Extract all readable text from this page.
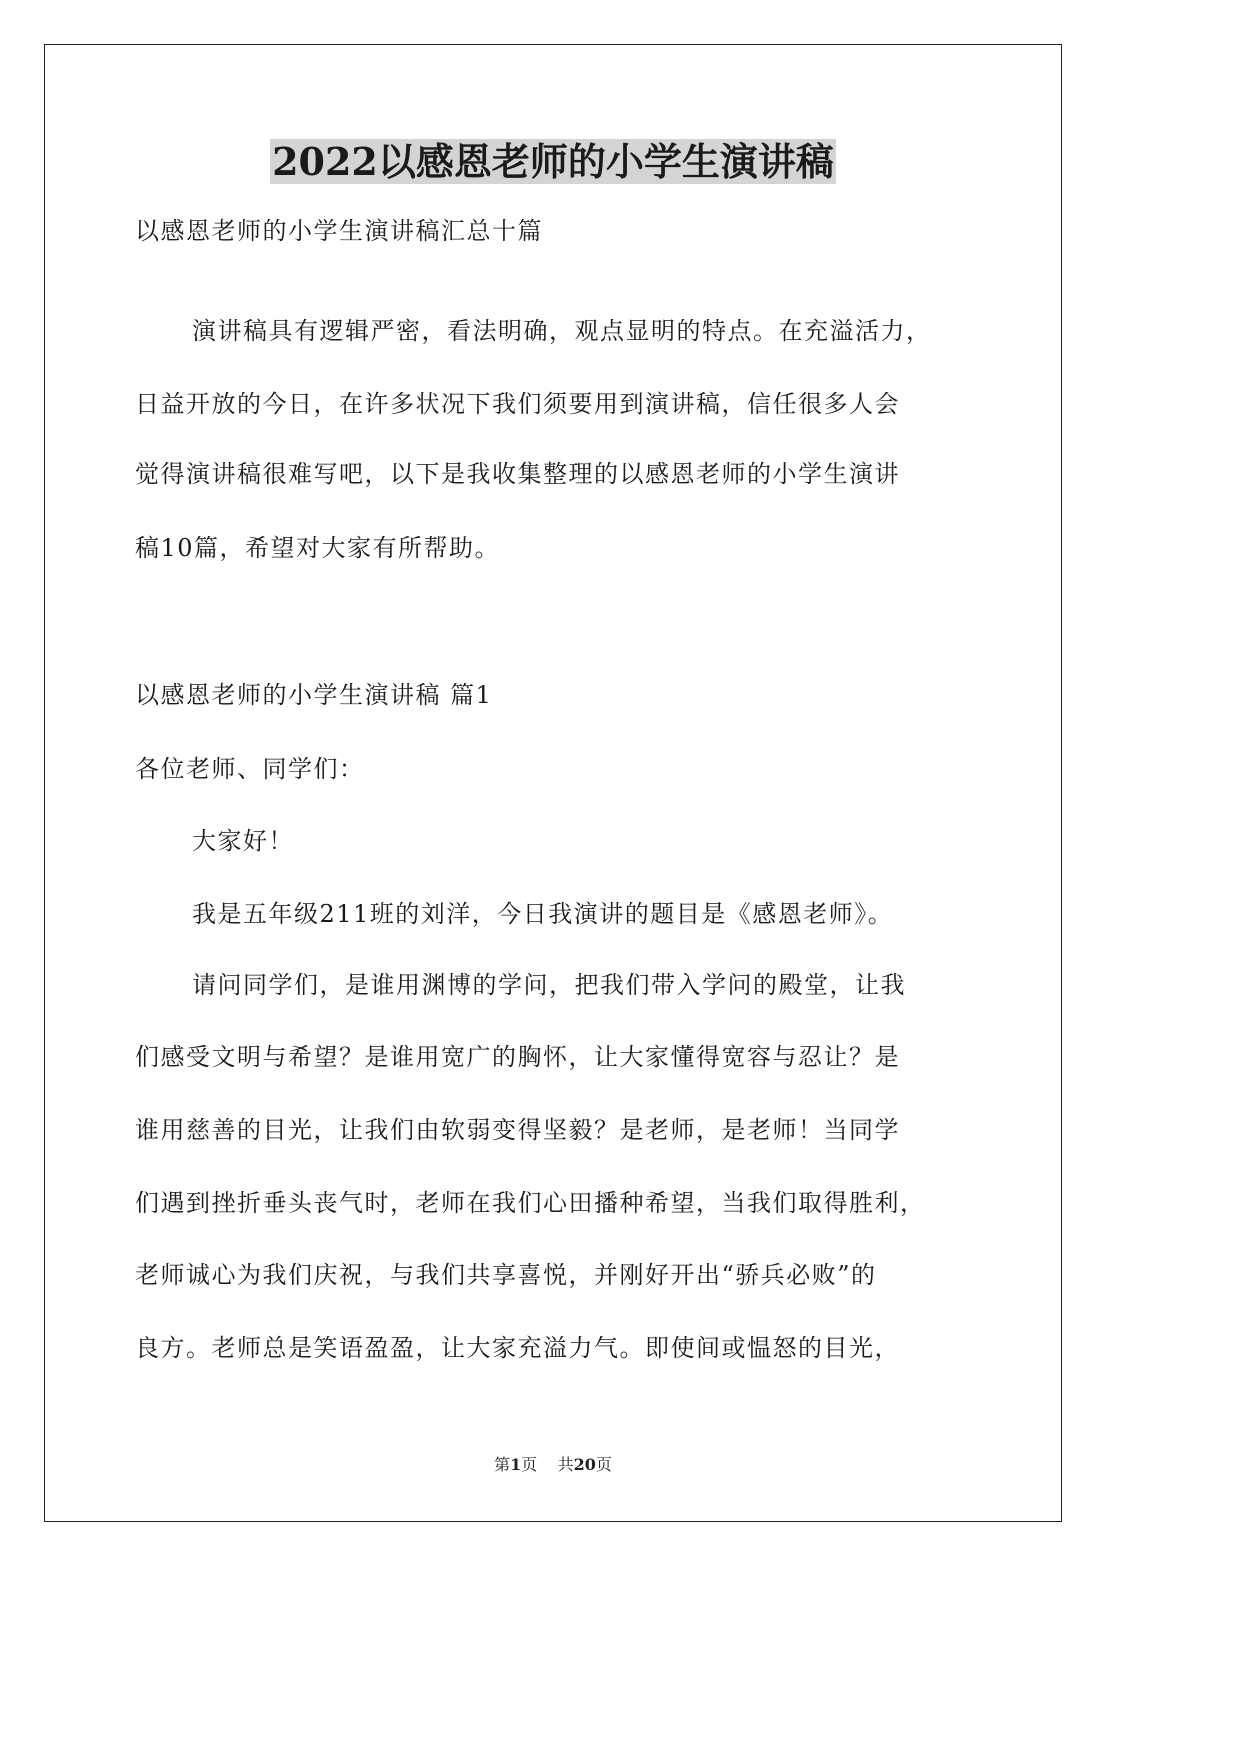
2022以感恩老师的小学生演讲稿

以感恩老师的小学生演讲稿汇总十篇

演讲稿具有逻辑严密，看法明确，观点显明的特点。在充溢活力，

日益开放的今日，在许多状况下我们须要用到演讲稿，信任很多人会

觉得演讲稿很难写吧，以下是我收集整理的以感恩老师的小学生演讲

稿10篇，希望对大家有所帮助。

以感恩老师的小学生演讲稿 篇1

各位老师、同学们：

大家好！

我是五年级211班的刘洋，今日我演讲的题目是《感恩老师》。

请问同学们，是谁用渊博的学问，把我们带入学问的殿堂，让我

们感受文明与希望？是谁用宽广的胸怀，让大家懂得宽容与忍让？是

谁用慈善的目光，让我们由软弱变得坚毅？是老师，是老师！当同学

们遇到挫折垂头丧气时，老师在我们心田播种希望，当我们取得胜利，

老师诚心为我们庆祝，与我们共享喜悦，并刚好开出“骄兵必败”的

良方。老师总是笑语盈盈，让大家充溢力气。即使间或愠怒的目光，

第1页    共20页
